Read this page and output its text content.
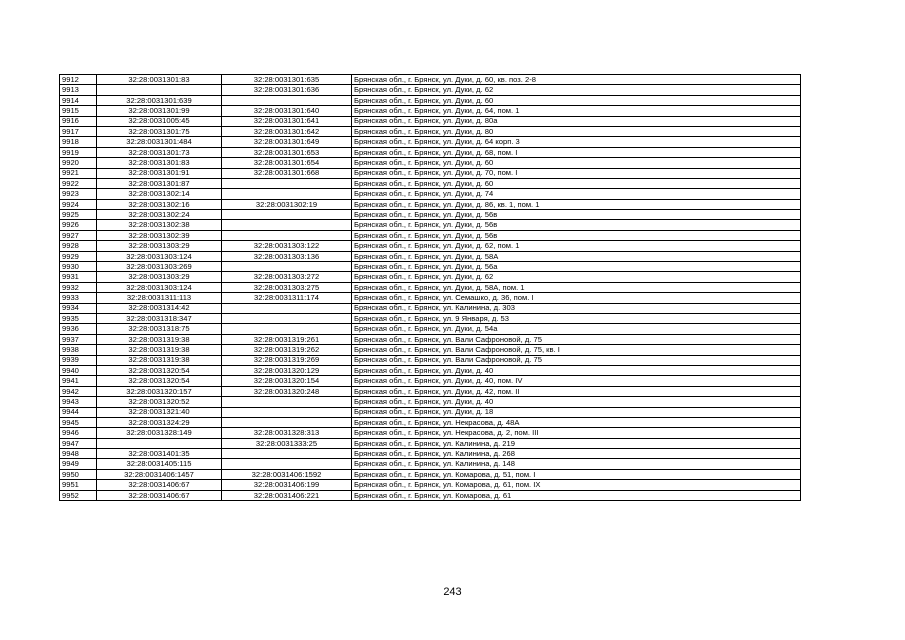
9912	32:28:0031301:83	32:28:0031301:635	Брянская обл., г. Брянск, ул. Дуки, д. 60, кв. поз. 2-8
9913		32:28:0031301:636	Брянская обл., г. Брянск, ул. Дуки, д. 62
9914	32:28:0031301:639		Брянская обл., г. Брянск, ул. Дуки, д. 60
9915	32:28:0031301:99	32:28:0031301:640	Брянская обл., г. Брянск, ул. Дуки, д. 64, пом. 1
9916	32:28:0031005:45	32:28:0031301:641	Брянская обл., г. Брянск, ул. Дуки, д. 80а
9917	32:28:0031301:75	32:28:0031301:642	Брянская обл., г. Брянск, ул. Дуки, д. 80
9918	32:28:0031301:484	32:28:0031301:649	Брянская обл., г. Брянск, ул. Дуки, д. 64 корп. 3
9919	32:28:0031301:73	32:28:0031301:653	Брянская обл., г. Брянск, ул. Дуки, д. 68, пом. I
9920	32:28:0031301:83	32:28:0031301:654	Брянская обл., г. Брянск, ул. Дуки, д. 60
9921	32:28:0031301:91	32:28:0031301:668	Брянская обл., г. Брянск, ул. Дуки, д. 70, пом. I
9922	32:28:0031301:87		Брянская обл., г. Брянск, ул. Дуки, д. 60
9923	32:28:0031302:14		Брянская обл., г. Брянск, ул. Дуки, д. 74
9924	32:28:0031302:16	32:28:0031302:19	Брянская обл., г. Брянск, ул. Дуки, д. 86, кв. 1, пом. 1
9925	32:28:0031302:24		Брянская обл., г. Брянск, ул. Дуки, д. 56в
9926	32:28:0031302:38		Брянская обл., г. Брянск, ул. Дуки, д. 56в
9927	32:28:0031302:39		Брянская обл., г. Брянск, ул. Дуки, д. 56в
9928	32:28:0031303:29	32:28:0031303:122	Брянская обл., г. Брянск, ул. Дуки, д. 62, пом. 1
9929	32:28:0031303:124	32:28:0031303:136	Брянская обл., г. Брянск, ул. Дуки, д. 58А
9930	32:28:0031303:269		Брянская обл., г. Брянск, ул. Дуки, д. 56а
9931	32:28:0031303:29	32:28:0031303:272	Брянская обл., г. Брянск, ул. Дуки, д. 62
9932	32:28:0031303:124	32:28:0031303:275	Брянская обл., г. Брянск, ул. Дуки, д. 58А, пом. 1
9933	32:28:0031311:113	32:28:0031311:174	Брянская обл., г. Брянск, ул. Семашко, д. 36, пом. I
9934	32:28:0031314:42		Брянская обл., г. Брянск, ул. Калинина, д. 303
9935	32:28:0031318:347		Брянская обл., г. Брянск, ул. 9 Января, д. 53
9936	32:28:0031318:75		Брянская обл., г. Брянск, ул. Дуки, д. 54а
9937	32:28:0031319:38	32:28:0031319:261	Брянская обл., г. Брянск, ул. Вали Сафроновой, д. 75
9938	32:28:0031319:38	32:28:0031319:262	Брянская обл., г. Брянск, ул. Вали Сафроновой, д. 75, кв. I
9939	32:28:0031319:38	32:28:0031319:269	Брянская обл., г. Брянск, ул. Вали Сафроновой, д. 75
9940	32:28:0031320:54	32:28:0031320:129	Брянская обл., г. Брянск, ул. Дуки, д. 40
9941	32:28:0031320:54	32:28:0031320:154	Брянская обл., г. Брянск, ул. Дуки, д. 40, пом. IV
9942	32:28:0031320:157	32:28:0031320:248	Брянская обл., г. Брянск, ул. Дуки, д. 42, пом. II
9943	32:28:0031320:52		Брянская обл., г. Брянск, ул. Дуки, д. 40
9944	32:28:0031321:40		Брянская обл., г. Брянск, ул. Дуки, д. 18
9945	32:28:0031324:29		Брянская обл., г. Брянск, ул. Некрасова, д. 48А
9946	32:28:0031328:149	32:28:0031328:313	Брянская обл., г. Брянск, ул. Некрасова, д. 2, пом. III
9947		32:28:0031333:25	Брянская обл., г. Брянск, ул. Калинина, д. 219
9948	32:28:0031401:35		Брянская обл., г. Брянск, ул. Калинина, д. 268
9949	32:28:0031405:115		Брянская обл., г. Брянск, ул. Калинина, д. 148
9950	32:28:0031406:1457	32:28:0031406:1592	Брянская обл., г. Брянск, ул. Комарова, д. 51, пом. I
9951	32:28:0031406:67	32:28:0031406:199	Брянская обл., г. Брянск, ул. Комарова, д. 61, пом. IX
9952	32:28:0031406:67	32:28:0031406:221	Брянская обл., г. Брянск, ул. Комарова, д. 61
243
